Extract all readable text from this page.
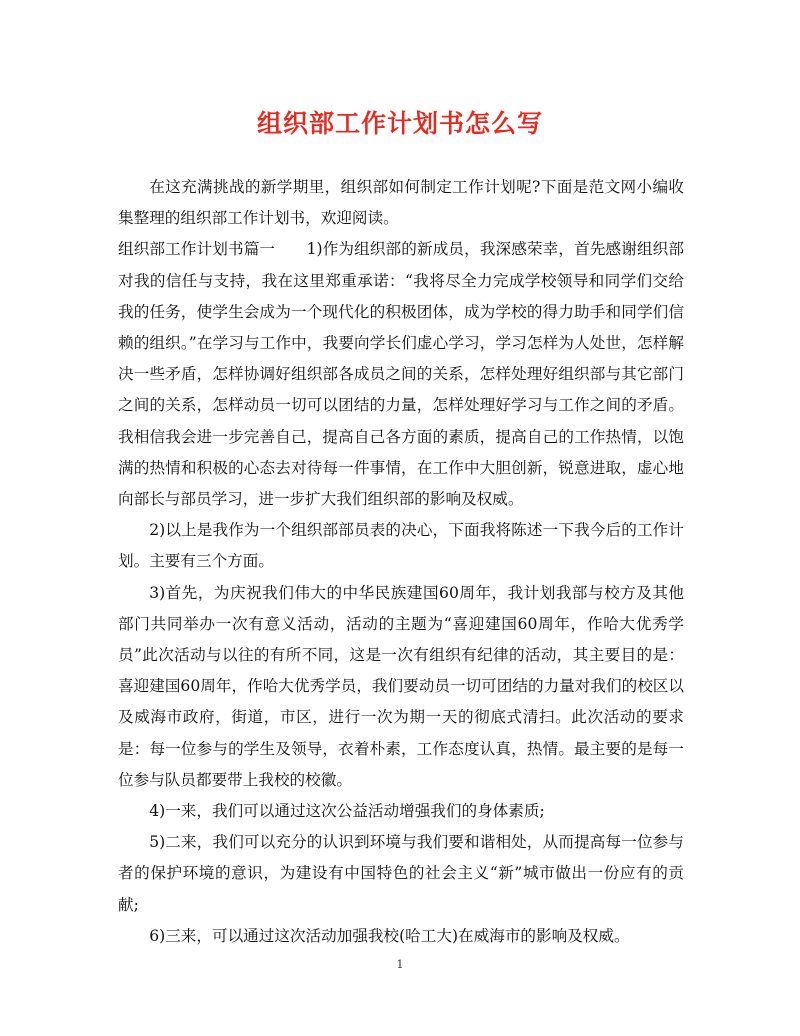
组织部工作计划书怎么写

在这充满挑战的新学期里，组织部如何制定工作计划呢?下面是范文网小编收集整理的组织部工作计划书，欢迎阅读。

组织部工作计划书篇一　　1)作为组织部的新成员，我深感荣幸，首先感谢组织部对我的信任与支持，我在这里郑重承诺：“我将尽全力完成学校领导和同学们交给我的任务，使学生会成为一个现代化的积极团体，成为学校的得力助手和同学们信赖的组织。”在学习与工作中，我要向学长们虚心学习，学习怎样为人处世，怎样解决一些矛盾，怎样协调好组织部各成员之间的关系，怎样处理好组织部与其它部门之间的关系，怎样动员一切可以团结的力量，怎样处理好学习与工作之间的矛盾。我相信我会进一步完善自己，提高自己各方面的素质，提高自己的工作热情，以饱满的热情和积极的心态去对待每一件事情，在工作中大胆创新，锐意进取，虚心地向部长与部员学习，进一步扩大我们组织部的影响及权威。

2)以上是我作为一个组织部部员表的决心，下面我将陈述一下我今后的工作计划。主要有三个方面。

3)首先，为庆祝我们伟大的中华民族建国60周年，我计划我部与校方及其他部门共同举办一次有意义活动，活动的主题为“喜迎建国60周年，作哈大优秀学员”此次活动与以往的有所不同，这是一次有组织有纪律的活动，其主要目的是：喜迎建国60周年，作哈大优秀学员，我们要动员一切可团结的力量对我们的校区以及威海市政府，街道，市区，进行一次为期一天的彻底式清扫。此次活动的要求是：每一位参与的学生及领导，衣着朴素，工作态度认真，热情。最主要的是每一位参与队员都要带上我校的校徽。

4)一来，我们可以通过这次公益活动增强我们的身体素质;

5)二来，我们可以充分的认识到环境与我们要和谐相处，从而提高每一位参与者的保护环境的意识，为建设有中国特色的社会主义“新”城市做出一份应有的贡献;

6)三来，可以通过这次活动加强我校(哈工大)在威海市的影响及权威。

1
